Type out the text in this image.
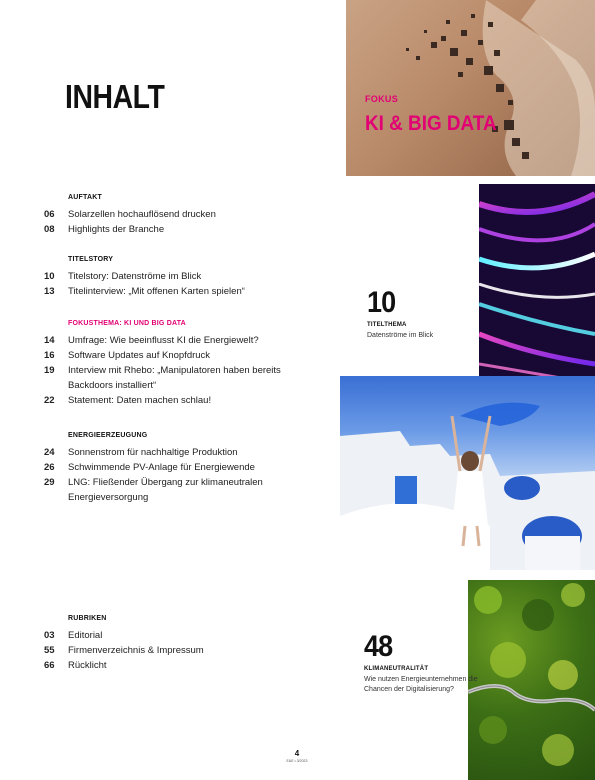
INHALT
AUFTAKT
06	Solarzellen hochauflösend drucken
08	Highlights der Branche
TITELSTORY
10	Titelstory: Datenströme im Blick
13	Titelinterview: „Mit offenen Karten spielen“
FOKUSTHEMA: KI UND BIG DATA
14	Umfrage: Wie beeinflusst KI die Energiewelt?
16	Software Updates auf Knopfdruck
19	Interview mit Rhebo: „Manipulatoren haben bereits
Backdoors installiert“
22	Statement: Daten machen schlau!
ENERGIEERZEUGUNG
24	Sonnenstrom für nachhaltige Produktion
26	Schwimmende PV-Anlage für Energiewende
29	LNG: Fließender Übergang zur klimaneutralen
Energieversorgung
RUBRIKEN
03	Editorial
55	Firmenverzeichnis & Impressum
66	Rücklicht
FOKUS
KI & BIG DATA
10
TITELTHEMA
Datenströme im Blick
48
KLIMANEUTRALITÄT
Wie nutzen Energieunternehmen die
Chancen der Digitalisierung?
4
E&E • 3/2023
